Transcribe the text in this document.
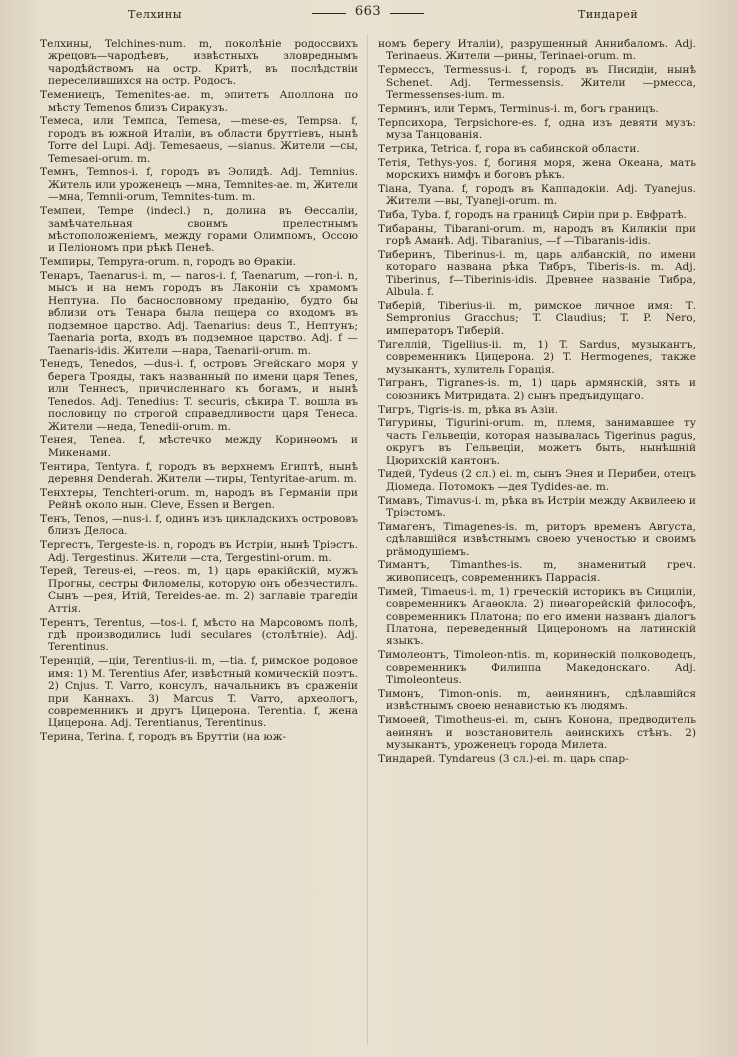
Телхины	663	Тиндарей

Телхины, Telchines-num. m, поколѣніе родоссвихъ жрецовъ—чародѣевъ, извѣстныхъ зловреднымъ чародѣйствомъ на остр. Критѣ, въ послѣдствіи переселившихся на остр. Родосъ.

Темениецъ, Temenites-ae. m, эпитетъ Аполлона по мѣсту Temenos близъ Сиракузъ.

Темеса, или Темпса, Temesa, —mese-es, Tempsa. f, городъ въ южной Италіи, въ области бруттіевъ, нынѣ Torre del Lupi. Adj. Temesaeus, —sianus. Жители —сы, Temesaei-orum. m.

Темнъ, Temnos-i. f, городъ въ Эолидѣ. Adj. Temnius. Житель или уроженецъ —мна, Temnites-ae. m, Жители —мна, Temnii-orum, Temnites-tum. m.

Темпеи, Tempe (indecl.) n, долина въ Ѳессаліи, замѣчательная своимъ прелестнымъ мѣстоположеніемъ, между горами Олимпомъ, Оссою и Пеліономъ при рѣкѣ Пенеѣ.

Темпиры, Tempyra-orum. n, городъ во Ѳракіи.

Тенаръ, Taenarus-i. m, — naros-i. f, Taenarum, —ron-i. n, мысъ и на немъ городъ въ Лаконіи съ храмомъ Нептуна. По баснословному преданію, будто бы вблизи отъ Тенара была пещера со входомъ въ подземное царство. Adj. Taenarius: deus T., Нептунъ; Taenaria porta, входъ въ подземное царство. Adj. f —Taenaris-idis. Жители —нара, Taenarii-orum. m.

Тенедъ, Tenedos, —dus-i. f, островъ Эгейскаго моря у берега Трояды, такъ названный по имени царя Tenes, или Теннесъ, причисленнаго къ богамъ, и нынѣ Tenedos. Adj. Tenedius: T. securis, сѣкира Т. вошла въ пословицу по строгой справедливости царя Тенеса. Жители —неда, Tenedii-orum. m.

Тенея, Tenea. f, мѣстечко между Коринѳомъ и Микенами.

Тентира, Tentyra. f, городъ въ верхнемъ Египтѣ, нынѣ деревня Denderah. Жители —тиры, Tentyritae-arum. m.

Тенхтеры, Tenchteri-orum. m, народъ въ Германіи при Рейнѣ около нын. Cleve, Essen и Bergen.

Тенъ, Tenos, —nus-i. f, одинъ изъ цикладскихъ острововъ близъ Делоса.

Тергестъ, Tergeste-is. n, городъ въ Истріи, нынѣ Тріэстъ. Adj. Tergestinus. Жители —ста, Tergestini-orum. m.

Терей, Tereus-ei, —reos. m, 1) царь ѳракійскій, мужъ Прогны, сестры Филомелы, которую онъ обезчестилъ. Сынъ —рея, Итій, Tereides-ae. m. 2) заглавіе трагедіи Аттія.

Терентъ, Terentus, —tos-i. f, мѣсто на Марсовомъ полѣ, гдѣ производились ludi seculares (столѣтніе). Adj. Terentinus.

Теренцій, —ціи, Terentius-ii. m, —tia. f, римское родовое имя: 1) M. Terentius Afer, извѣстный комическій поэтъ. 2) Cnjus. T. Varro, консулъ, начальникъ въ сраженіи при Каннахъ. 3) Marcus T. Varro, археологъ, современникъ и другъ Цицерона. Terentia. f, жена Цицерона. Adj. Terentianus, Terentinus.

Терина, Terina. f, городъ въ Бруттіи (на юж-

номъ берегу Италіи), разрушенный Аннибаломъ. Adj. Terinaeus. Жители —рины, Terinaei-orum. m.

Термессъ, Termessus-i. f, городъ въ Писидіи, нынѣ Schenet. Adj. Termessensis. Жители —рмесса, Termessenses-ium. m.

Терминъ, или Термъ, Terminus-i. m, богъ границъ.

Терпсихора, Terpsichore-es. f, одна изъ девяти музъ: муза Танцованія.

Тетрика, Tetrica. f, гора въ сабинской области.

Тетія, Tethys-yos. f, богиня моря, жена Океана, мать морскихъ нимфъ и боговъ рѣкъ.

Тіана, Tyana. f, городъ въ Каппадокіи. Adj. Tyanejus. Жители —вы, Tyaneji-orum. m.

Тиба, Tyba. f, городъ на границѣ Сиріи при р. Евфратѣ.

Тибараны, Tibarani-orum. m, народъ въ Киликіи при горѣ Аманѣ. Adj. Tibaranius, —f —Tibaranis-idis.

Тиберинъ, Tiberinus-i. m, царь албанскій, по имени котораго названа рѣка Тибръ, Tiberis-is. m. Adj. Tiberinus, f—Tiberinis-idis. Древнее названіе Тибра, Albula. f.

Тиберій, Tiberius-ii. m, римское личное имя: Т. Sempronius Gracchus; T. Claudius; T. P. Nero, императоръ Тиберій.

Тигеллій, Tigellius-ii. m, 1) T. Sardus, музыкантъ, современникъ Цицерона. 2) T. Hermogenes, также музыкантъ, хулитель Горація.

Тигранъ, Tigranes-is. m, 1) царь армянскій, зять и союзникъ Митридата. 2) сынъ предъидущаго.

Тигръ, Tigris-is. m, рѣка въ Азіи.

Тигурины, Tigurini-orum. m, племя, занимавшее ту часть Гельвеціи, которая называлась Tigerinus pagus, округъ въ Гельвеціи, можетъ быть, нынѣшній Цюрихскій кантонъ.

Тидей, Tydeus (2 сл.) ei. m, сынъ Энея и Перибеи, отецъ Діомеда. Потомокъ —дея Tydides-ae. m.

Тимавъ, Timavus-i. m, рѣка въ Истріи между Аквилеею и Тріэстомъ.

Тимагенъ, Timagenes-is. m, риторъ временъ Августа, сдѣлавшійся извѣстнымъ своею ученостью и своимъ präмодушіемъ.

Тимантъ, Timanthes-is. m, знаменитый греч. живописецъ, современникъ Паррасія.

Тимей, Timaeus-i. m, 1) греческій историкъ въ Сициліи, современникъ Агаѳокла. 2) пиѳагорейскій философъ, современникъ Платона; по его имени названъ діалогъ Платона, переведенный Цицерономъ на латинскій языкъ.

Тимолеонтъ, Timoleon-ntis. m, коринѳскій полководецъ, современникъ Филиппа Македонскаго. Adj. Timoleonteus.

Тимонъ, Timon-onis. m, аѳинянинъ, сдѣлавшійся извѣстнымъ своею ненавистью къ людямъ.

Тимоѳей, Timotheus-ei. m, сынъ Конона, предводитель аѳинянъ и возстановитель аѳинскихъ стѣнъ. 2) музыкантъ, уроженецъ города Милета.

Тиндарей. Tyndareus (3 сл.)-ei. m. царь спар-
